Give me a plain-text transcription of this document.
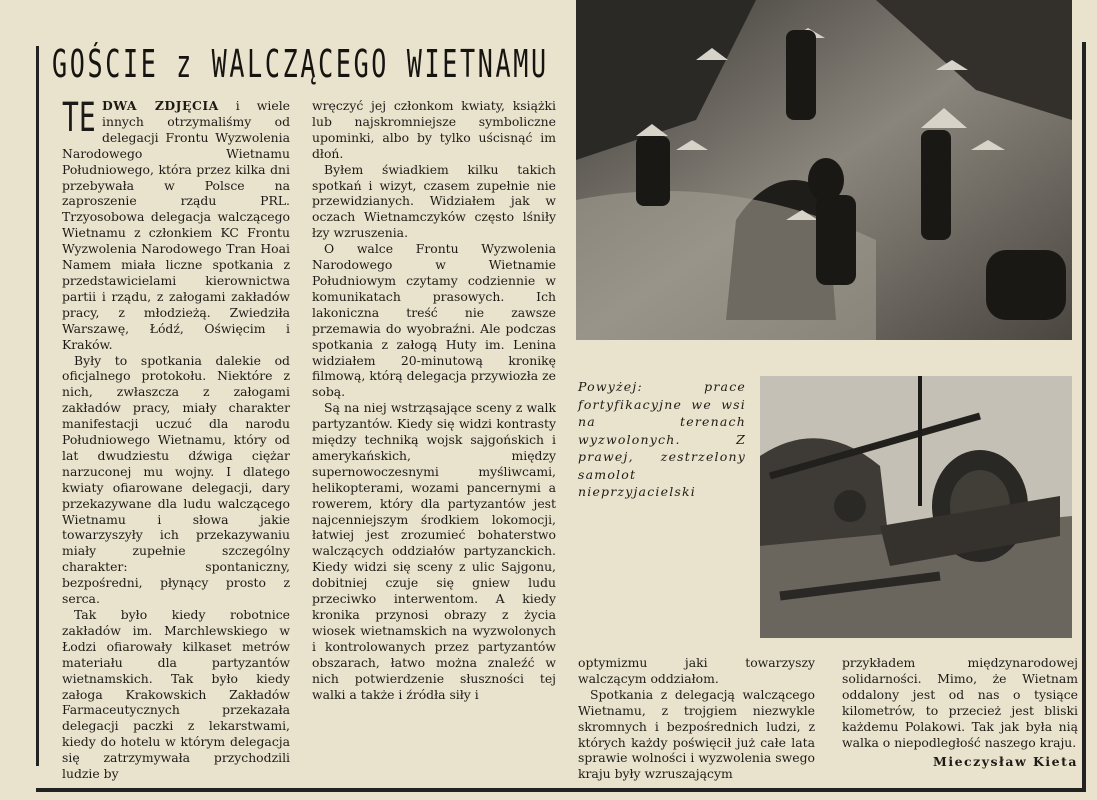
GOŚCIE z WALCZĄCEGO WIETNAMU

TE DWA ZDJĘCIA i wiele innych otrzymaliśmy od delegacji Frontu Wyzwolenia Narodowego Wietnamu Południowego, która przez kilka dni przebywała w Polsce na zaproszenie rządu PRL. Trzyosobowa delegacja walczącego Wietnamu z członkiem KC Frontu Wyzwolenia Narodowego Tran Hoai Namem miała liczne spotkania z przedstawicielami kierownictwa partii i rządu, z załogami zakładów pracy, z młodzieżą. Zwiedziła Warszawę, Łódź, Oświęcim i Kraków.

Były to spotkania dalekie od oficjalnego protokołu. Niektóre z nich, zwłaszcza z załogami zakładów pracy, miały charakter manifestacji uczuć dla narodu Południowego Wietnamu, który od lat dwudziestu dźwiga ciężar narzuconej mu wojny. I dlatego kwiaty ofiarowane delegacji, dary przekazywane dla ludu walczącego Wietnamu i słowa jakie towarzyszyły ich przekazywaniu miały zupełnie szczególny charakter: spontaniczny, bezpośredni, płynący prosto z serca.

Tak było kiedy robotnice zakładów im. Marchlewskiego w Łodzi ofiarowały kilkaset metrów materiału dla partyzantów wietnamskich. Tak było kiedy załoga Krakowskich Zakładów Farmaceutycznych przekazała delegacji paczki z lekarstwami, kiedy do hotelu w którym delegacja się zatrzymywała przychodzili ludzie by

wręczyć jej członkom kwiaty, książki lub najskromniejsze symboliczne upominki, albo by tylko uścisnąć im dłoń.

Byłem świadkiem kilku takich spotkań i wizyt, czasem zupełnie nie przewidzianych. Widziałem jak w oczach Wietnamczyków często lśniły łzy wzruszenia.

O walce Frontu Wyzwolenia Narodowego w Wietnamie Południowym czytamy codziennie w komunikatach prasowych. Ich lakoniczna treść nie zawsze przemawia do wyobraźni. Ale podczas spotkania z załogą Huty im. Lenina widziałem 20-minutową kronikę filmową, którą delegacja przywiozła ze sobą.

Są na niej wstrząsające sceny z walk partyzantów. Kiedy się widzi kontrasty między techniką wojsk sajgońskich i amerykańskich, między supernowoczesnymi myśliwcami, helikopterami, wozami pancernymi a rowerem, który dla partyzantów jest najcenniejszym środkiem lokomocji, łatwiej jest zrozumieć bohaterstwo walczących oddziałów partyzanckich. Kiedy widzi się sceny z ulic Sajgonu, dobitniej czuje się gniew ludu przeciwko interwentom. A kiedy kronika przynosi obrazy z życia wiosek wietnamskich na wyzwolonych i kontrolowanych przez partyzantów obszarach, łatwo można znaleźć w nich potwierdzenie słuszności tej walki a także i źródła siły i

Powyżej: prace fortyfikacyjne we wsi na terenach wyzwolonych. Z prawej, zestrzelony samolot nieprzyjacielski

optymizmu jaki towarzyszy walczącym oddziałom.

Spotkania z delegacją walczącego Wietnamu, z trojgiem niezwykle skromnych i bezpośrednich ludzi, z których każdy poświęcił już całe lata sprawie wolności i wyzwolenia swego kraju były wzruszającym

przykładem międzynarodowej solidarności. Mimo, że Wietnam oddalony jest od nas o tysiące kilometrów, to przecież jest bliski każdemu Polakowi. Tak jak była nią walka o niepodległość naszego kraju.

Mieczysław Kieta
